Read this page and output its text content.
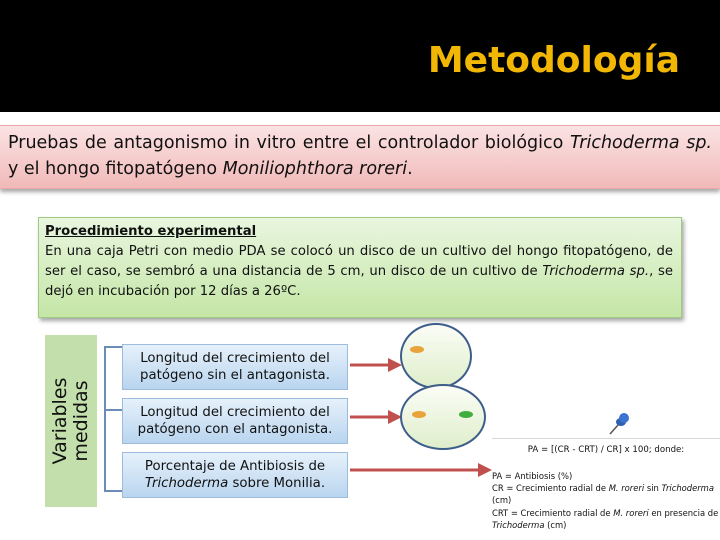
Metodología
Pruebas de antagonismo in vitro entre el controlador biológico Trichoderma sp. y el hongo fitopatógeno Moniliophthora roreri.
Procedimiento experimental
En una caja Petri con medio PDA se colocó un disco de un cultivo del hongo fitopatógeno, de ser el caso, se sembró a una distancia de 5 cm, un disco de un cultivo de Trichoderma sp., se dejó en incubación por 12 días a 26ºC.
Variables
medidas
Longitud del crecimiento del patógeno sin el antagonista.
Longitud del crecimiento del patógeno con el antagonista.
Porcentaje de Antibiosis de Trichoderma sobre Monilia.
PA = [(CR - CRT) / CR] x 100; donde:
PA = Antibiosis (%)
CR = Crecimiento radial de M. roreri sin Trichoderma (cm)
CRT = Crecimiento radial de M. roreri en presencia de Trichoderma (cm)
